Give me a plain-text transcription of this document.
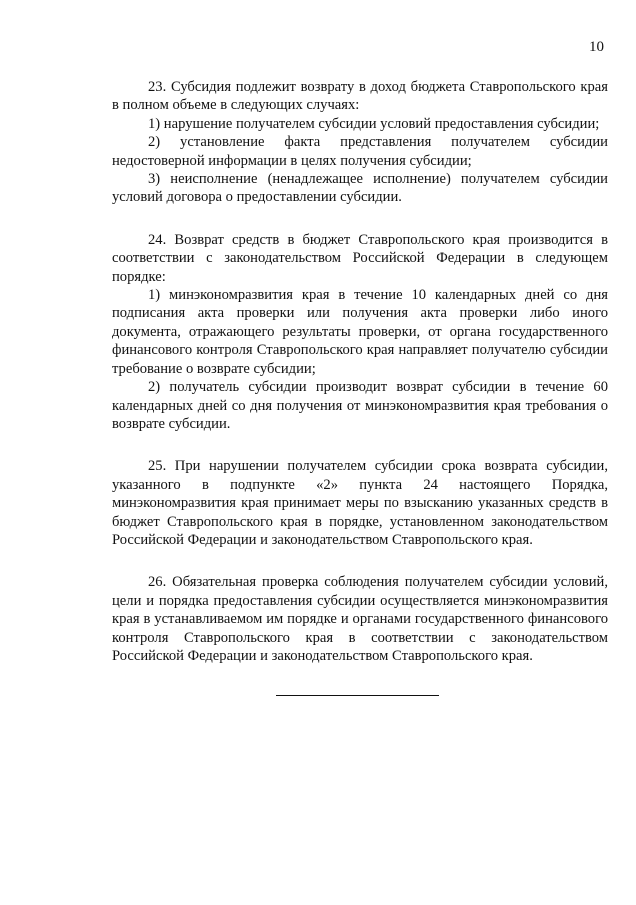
10

23. Субсидия подлежит возврату в доход бюджета Ставропольского края в полном объеме в следующих случаях:

1) нарушение получателем субсидии условий предоставления субсидии;

2) установление факта представления получателем субсидии недостоверной информации в целях получения субсидии;

3) неисполнение (ненадлежащее исполнение) получателем субсидии условий договора о предоставлении субсидии.

24. Возврат средств в бюджет Ставропольского края производится в соответствии с законодательством Российской Федерации в следующем порядке:

1) минэкономразвития края в течение 10 календарных дней со дня подписания акта проверки или получения акта проверки либо иного документа, отражающего результаты проверки, от органа государственного финансового контроля Ставропольского края направляет получателю субсидии требование о возврате субсидии;

2) получатель субсидии производит возврат субсидии в течение 60 календарных дней со дня получения от минэкономразвития края требования о возврате субсидии.

25. При нарушении получателем субсидии срока возврата субсидии, указанного в подпункте «2» пункта 24 настоящего Порядка, минэкономразвития края принимает меры по взысканию указанных средств в бюджет Ставропольского края в порядке, установленном законодательством Российской Федерации и законодательством Ставропольского края.

26. Обязательная проверка соблюдения получателем субсидии условий, цели и порядка предоставления субсидии осуществляется минэкономразвития края в устанавливаемом им порядке и органами государственного финансового контроля Ставропольского края в соответствии с законодательством Российской Федерации и законодательством Ставропольского края.
